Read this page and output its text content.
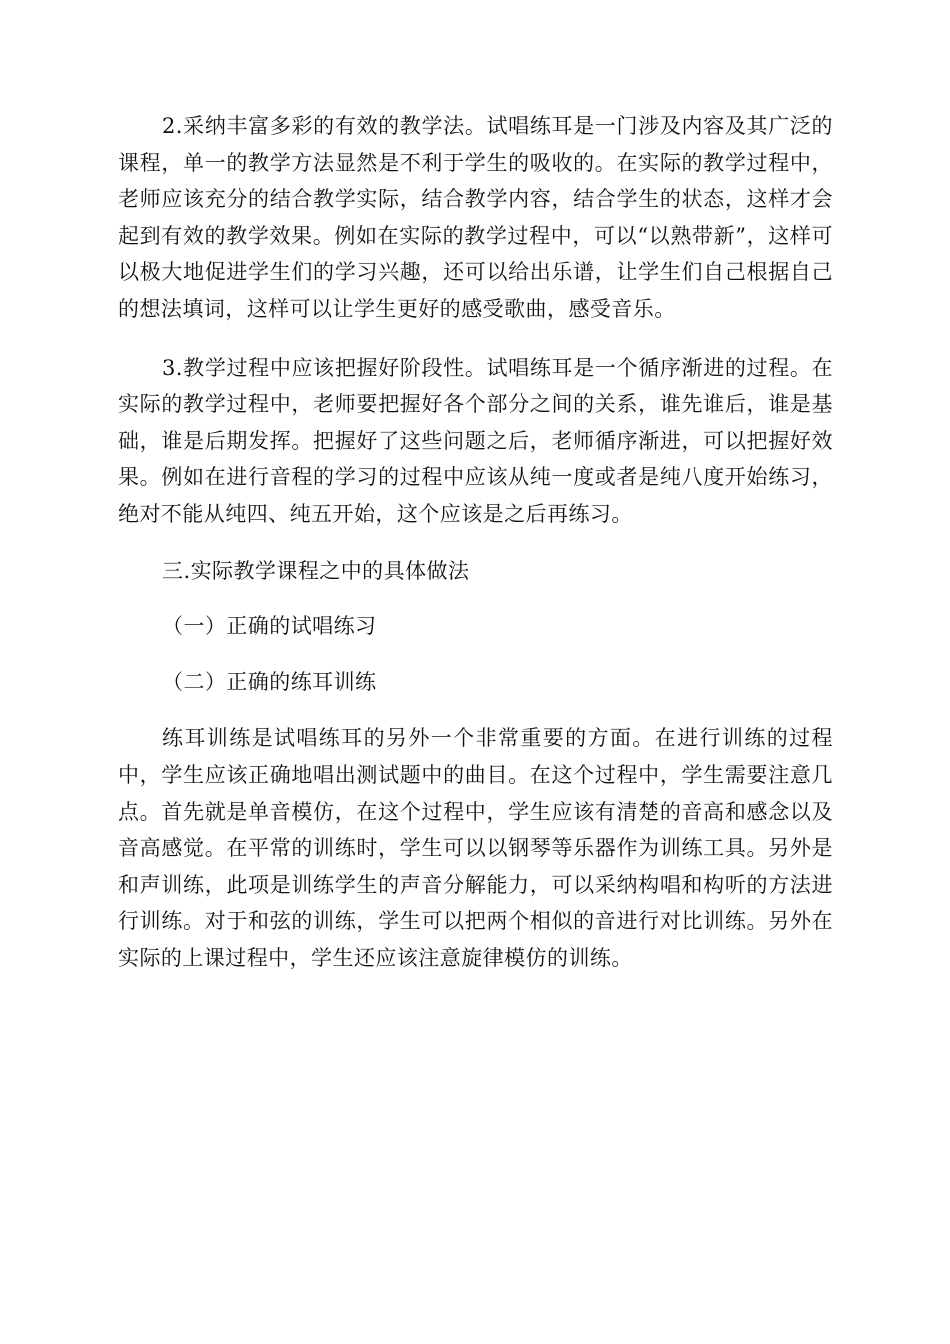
2.采纳丰富多彩的有效的教学法。试唱练耳是一门涉及内容及其广泛的课程，单一的教学方法显然是不利于学生的吸收的。在实际的教学过程中，老师应该充分的结合教学实际，结合教学内容，结合学生的状态，这样才会起到有效的教学效果。例如在实际的教学过程中，可以“以熟带新”，这样可以极大地促进学生们的学习兴趣，还可以给出乐谱，让学生们自己根据自己的想法填词，这样可以让学生更好的感受歌曲，感受音乐。

3.教学过程中应该把握好阶段性。试唱练耳是一个循序渐进的过程。在实际的教学过程中，老师要把握好各个部分之间的关系，谁先谁后，谁是基础，谁是后期发挥。把握好了这些问题之后，老师循序渐进，可以把握好效果。例如在进行音程的学习的过程中应该从纯一度或者是纯八度开始练习，绝对不能从纯四、纯五开始，这个应该是之后再练习。

三.实际教学课程之中的具体做法

（一）正确的试唱练习

（二）正确的练耳训练

练耳训练是试唱练耳的另外一个非常重要的方面。在进行训练的过程中，学生应该正确地唱出测试题中的曲目。在这个过程中，学生需要注意几点。首先就是单音模仿，在这个过程中，学生应该有清楚的音高和感念以及音高感觉。在平常的训练时，学生可以以钢琴等乐器作为训练工具。另外是和声训练，此项是训练学生的声音分解能力，可以采纳构唱和构听的方法进行训练。对于和弦的训练，学生可以把两个相似的音进行对比训练。另外在实际的上课过程中，学生还应该注意旋律模仿的训练。
